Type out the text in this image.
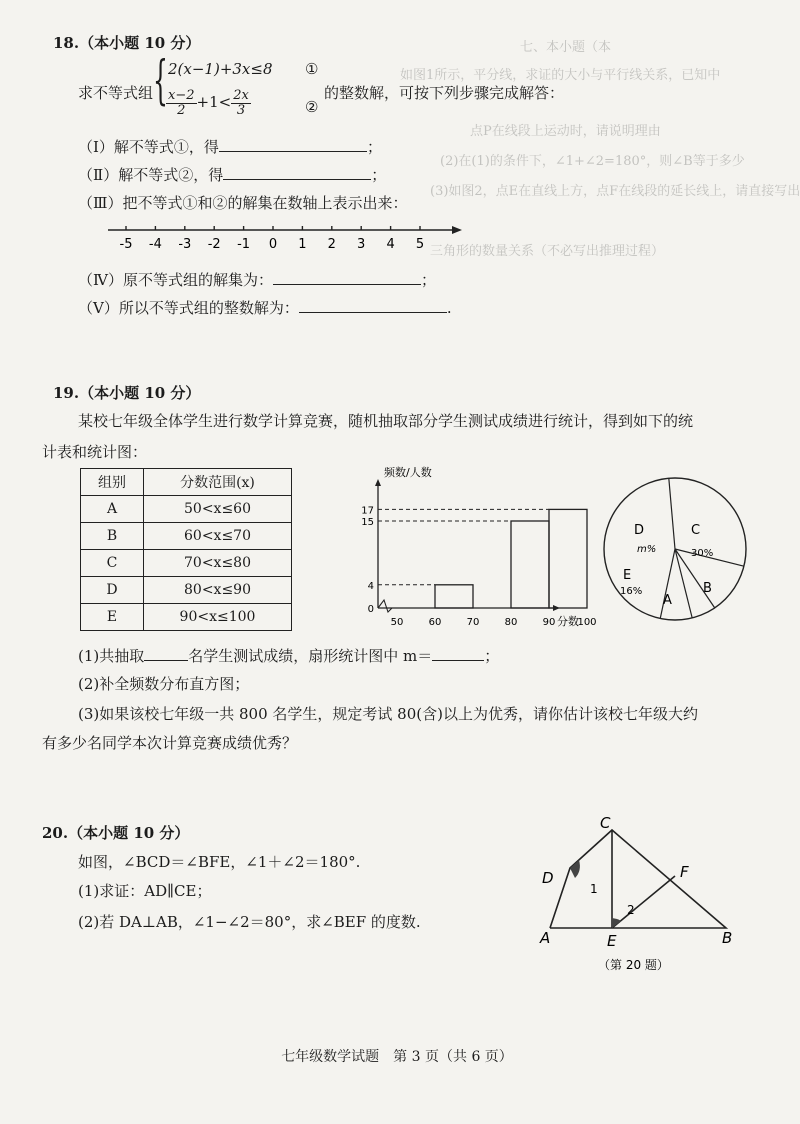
七、本小题（本
如图1所示，平分线，求证的大小与平行线关系，已知中
点P在线段上运动时，请说明理由
(2)在(1)的条件下，∠1+∠2=180°，则∠B等于多少
(3)如图2，点E在直线上方，点F在线段的延长线上，请直接写出
三角形的数量关系（不必写出推理过程）
18.（本小题 10 分）
求不等式组 { 2(x−1)+3x≤8 ①
$\frac{x-2}{2} +1< \frac{2x}{3}$	②
的整数解，可按下列步骤完成解答：
（Ⅰ）解不等式①，得	；
（Ⅱ）解不等式②，得	；
（Ⅲ）把不等式①和②的解集在数轴上表示出来：
-5 -4 -3 -2 -1 0 1 2 3 4 5
（Ⅳ）原不等式组的解集为：	；
（Ⅴ）所以不等式组的整数解为：	.
19.（本小题 10 分）
某校七年级全体学生进行数学计算竞赛，随机抽取部分学生测试成绩进行统计，得到如下的统
计表和统计图：
组别	分数范围(x)
A	50<x≤60
B	60<x≤70
C	70<x≤80
D	80<x≤90
E	90<x≤100
频数/人数
分数
50	60	70	80	90 100
0
4
15
17
D
m%
C
30%
B
A
E
16%
(1)共抽取	名学生测试成绩，扇形统计图中 m＝	；
(2)补全频数分布直方图；
(3)如果该校七年级一共 800 名学生，规定考试 80(含)以上为优秀，请你估计该校七年级大约
有多少名同学本次计算竞赛成绩优秀？
20.（本小题 10 分）
如图，∠BCD＝∠BFE，∠1＋∠2＝180°.
(1)求证：AD∥CE；
(2)若 DA⊥AB，∠1−∠2＝80°，求∠BEF 的度数.
C
F
D
1
2
A	E	B
（第 20 题）
七年级数学试题　第 3 页（共 6 页）
